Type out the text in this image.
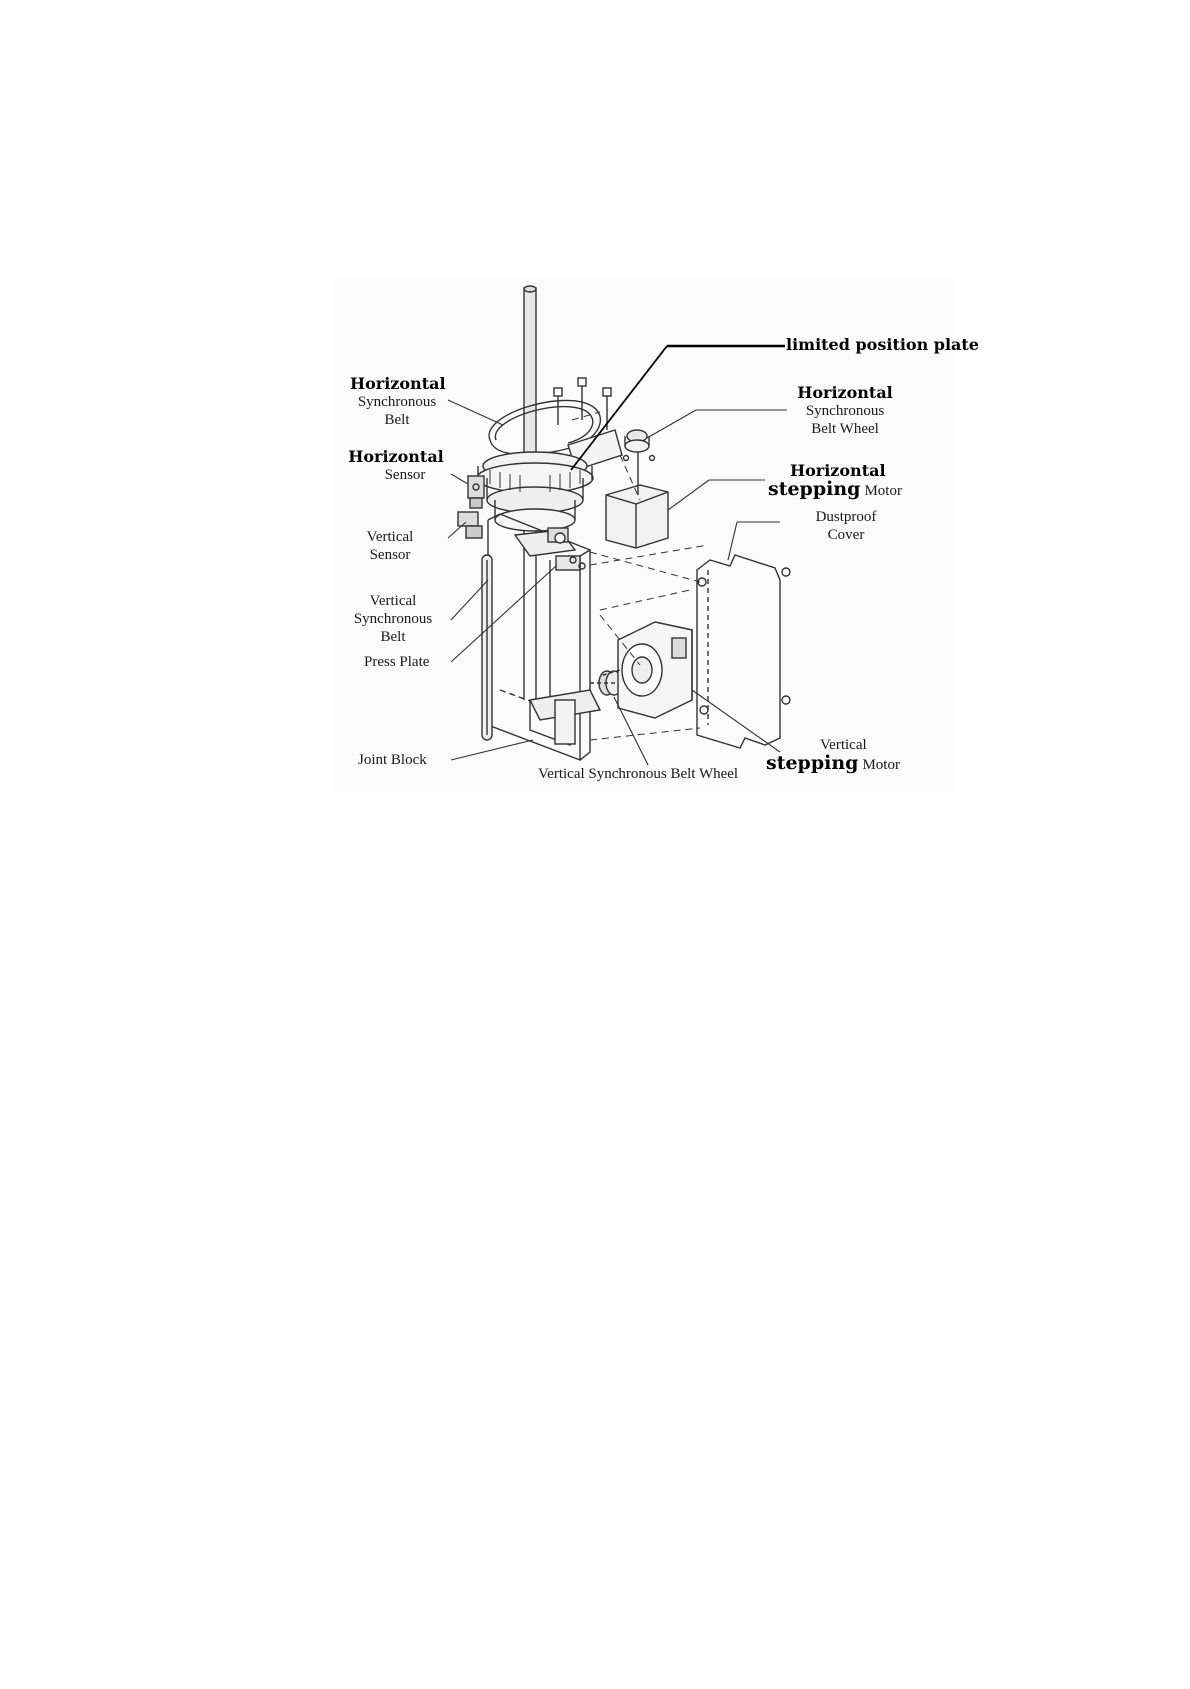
limited position plate
Horizontal
Synchronous
Belt
Horizontal
Sensor
Vertical
Sensor
Vertical
Synchronous
Belt
Press Plate
Joint Block
Vertical Synchronous Belt Wheel
Horizontal
Synchronous
Belt Wheel
Horizontal
stepping Motor
Dustproof
Cover
Vertical
stepping Motor
